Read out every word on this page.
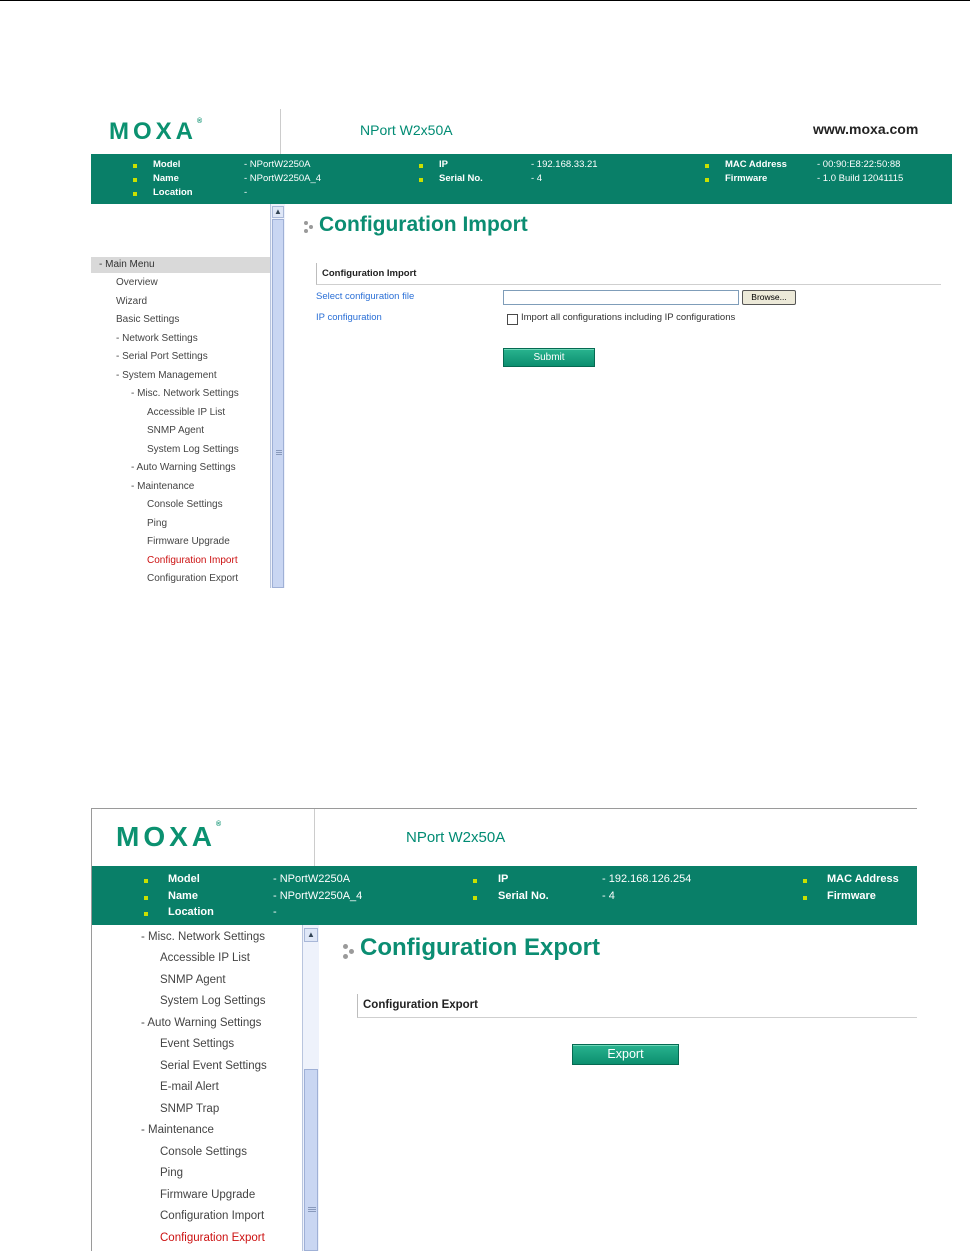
MOXA®
NPort W2x50A	www.moxa.com
Model	- NPortW2250A
Name	- NPortW2250A_4
Location	-
IP	- 192.168.33.21
Serial No.	- 4
MAC Address	- 00:90:E8:22:50:88
Firmware	- 1.0 Build 12041115
- Main Menu
Overview
Wizard
Basic Settings
- Network Settings
- Serial Port Settings
- System Management
- Misc. Network Settings
Accessible IP List
SNMP Agent
System Log Settings
- Auto Warning Settings
- Maintenance
Console Settings
Ping
Firmware Upgrade
Configuration Import
Configuration Export
▲
Configuration Import
Configuration Import
Select configuration file	Browse...
IP configuration	Import all configurations including IP configurations
Submit
MOXA®
NPort W2x50A
Model	- NPortW2250A
Name	- NPortW2250A_4
Location	-
IP	- 192.168.126.254
Serial No.	- 4
MAC Address
Firmware
- Misc. Network Settings
Accessible IP List
SNMP Agent
System Log Settings
- Auto Warning Settings
Event Settings
Serial Event Settings
E-mail Alert
SNMP Trap
- Maintenance
Console Settings
Ping
Firmware Upgrade
Configuration Import
Configuration Export
▲ Configuration Export
Configuration Export
Export
